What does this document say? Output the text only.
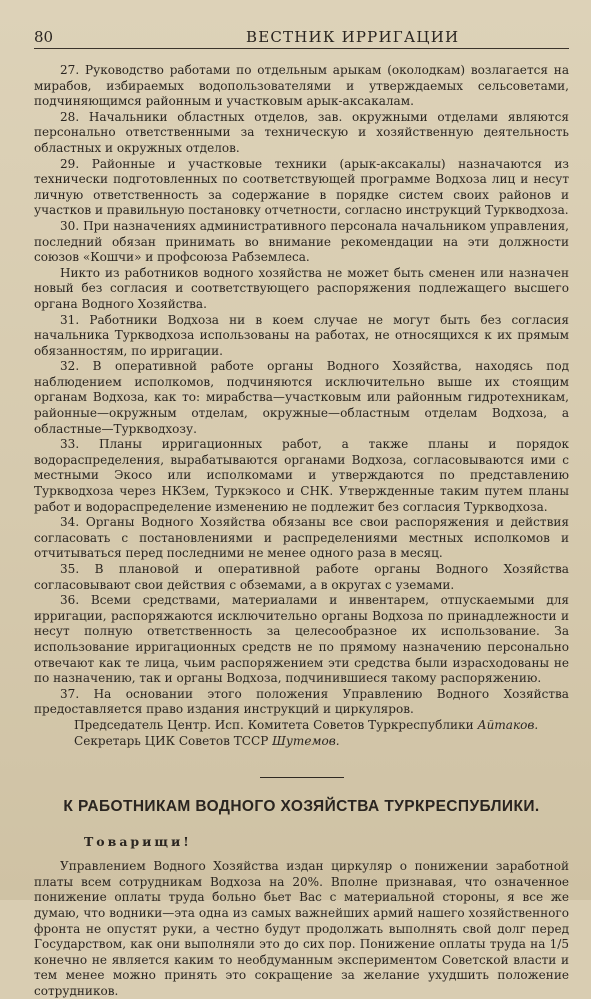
80	ВЕСТНИК ИРРИГАЦИИ

27. Руководство работами по отдельным арыкам (околодкам) возлагается на мирабов, избираемых водопользователями и утверждаемых сельсоветами, подчиняющимся районным и участковым арык-аксакалам.

28. Начальники областных отделов, зав. окружными отделами являются персонально ответственными за техническую и хозяйственную деятельность областных и окружных отделов.

29. Районные и участковые техники (арык-аксакалы) назначаются из технически подготовленных по соответствующей программе Водхоза лиц и несут личную ответственность за содержание в порядке систем своих районов и участков и правильную постановку отчетности, согласно инструкций Туркводхоза.

30. При назначениях административного персонала начальником управления, последний обязан принимать во внимание рекомендации на эти должности союзов «Кошчи» и профсоюза Рабземлеса.

Никто из работников водного хозяйства не может быть сменен или назначен новый без согласия и соответствующего распоряжения подлежащего высшего органа Водного Хозяйства.

31. Работники Водхоза ни в коем случае не могут быть без согласия начальника Туркводхоза использованы на работах, не относящихся к их прямым обязанностям, по ирригации.

32. В оперативной работе органы Водного Хозяйства, находясь под наблюдением исполкомов, подчиняются исключительно выше их стоящим органам Водхоза, как то: мирабства—участковым или районным гидротехникам, районные—окружным отделам, окружные—областным отделам Водхоза, а областные—Туркводхозу.

33. Планы ирригационных работ, а также планы и порядок водораспределения, вырабатываются органами Водхоза, согласовываются ими с местными Экосо или исполкомами и утверждаются по представлению Туркводхоза через НКЗем, Туркэкосо и СНК. Утвержденные таким путем планы работ и водораспределение изменению не подлежит без согласия Туркводхоза.

34. Органы Водного Хозяйства обязаны все свои распоряжения и действия согласовать с постановлениями и распределениями местных исполкомов и отчитываться перед последними не менее одного раза в месяц.

35. В плановой и оперативной работе органы Водного Хозяйства согласовывают свои действия с обземами, а в округах с уземами.

36. Всеми средствами, материалами и инвентарем, отпускаемыми для ирригации, распоряжаются исключительно органы Водхоза по принадлежности и несут полную ответственность за целесообразное их использование. За использование ирригационных средств не по прямому назначению персонально отвечают как те лица, чьим распоряжением эти средства были израсходованы не по назначению, так и органы Водхоза, подчинившиеся такому распоряжению.

37. На основании этого положения Управлению Водного Хозяйства предоставляется право издания инструкций и циркуляров.

Председатель Центр. Исп. Комитета Советов Туркреспублики Айтаков.

Секретарь ЦИК Советов ТССР Шутемов.

К РАБОТНИКАМ ВОДНОГО ХОЗЯЙСТВА ТУРКРЕСПУБЛИКИ.
Товарищи!

Управлением Водного Хозяйства издан циркуляр о понижении заработной платы всем сотрудникам Водхоза на 20%. Вполне признавая, что означенное понижение оплаты труда больно бьет Вас с материальной стороны, я все же думаю, что водники—эта одна из самых важнейших армий нашего хозяйственного фронта не опустят руки, а честно будут продолжать выполнять свой долг перед Государством, как они выполняли это до сих пор. Понижение оплаты труда на 1/5 конечно не является каким то необдуманным экспериментом Советской власти и тем менее можно принять это сокращение за желание ухудшить положение сотрудников.
